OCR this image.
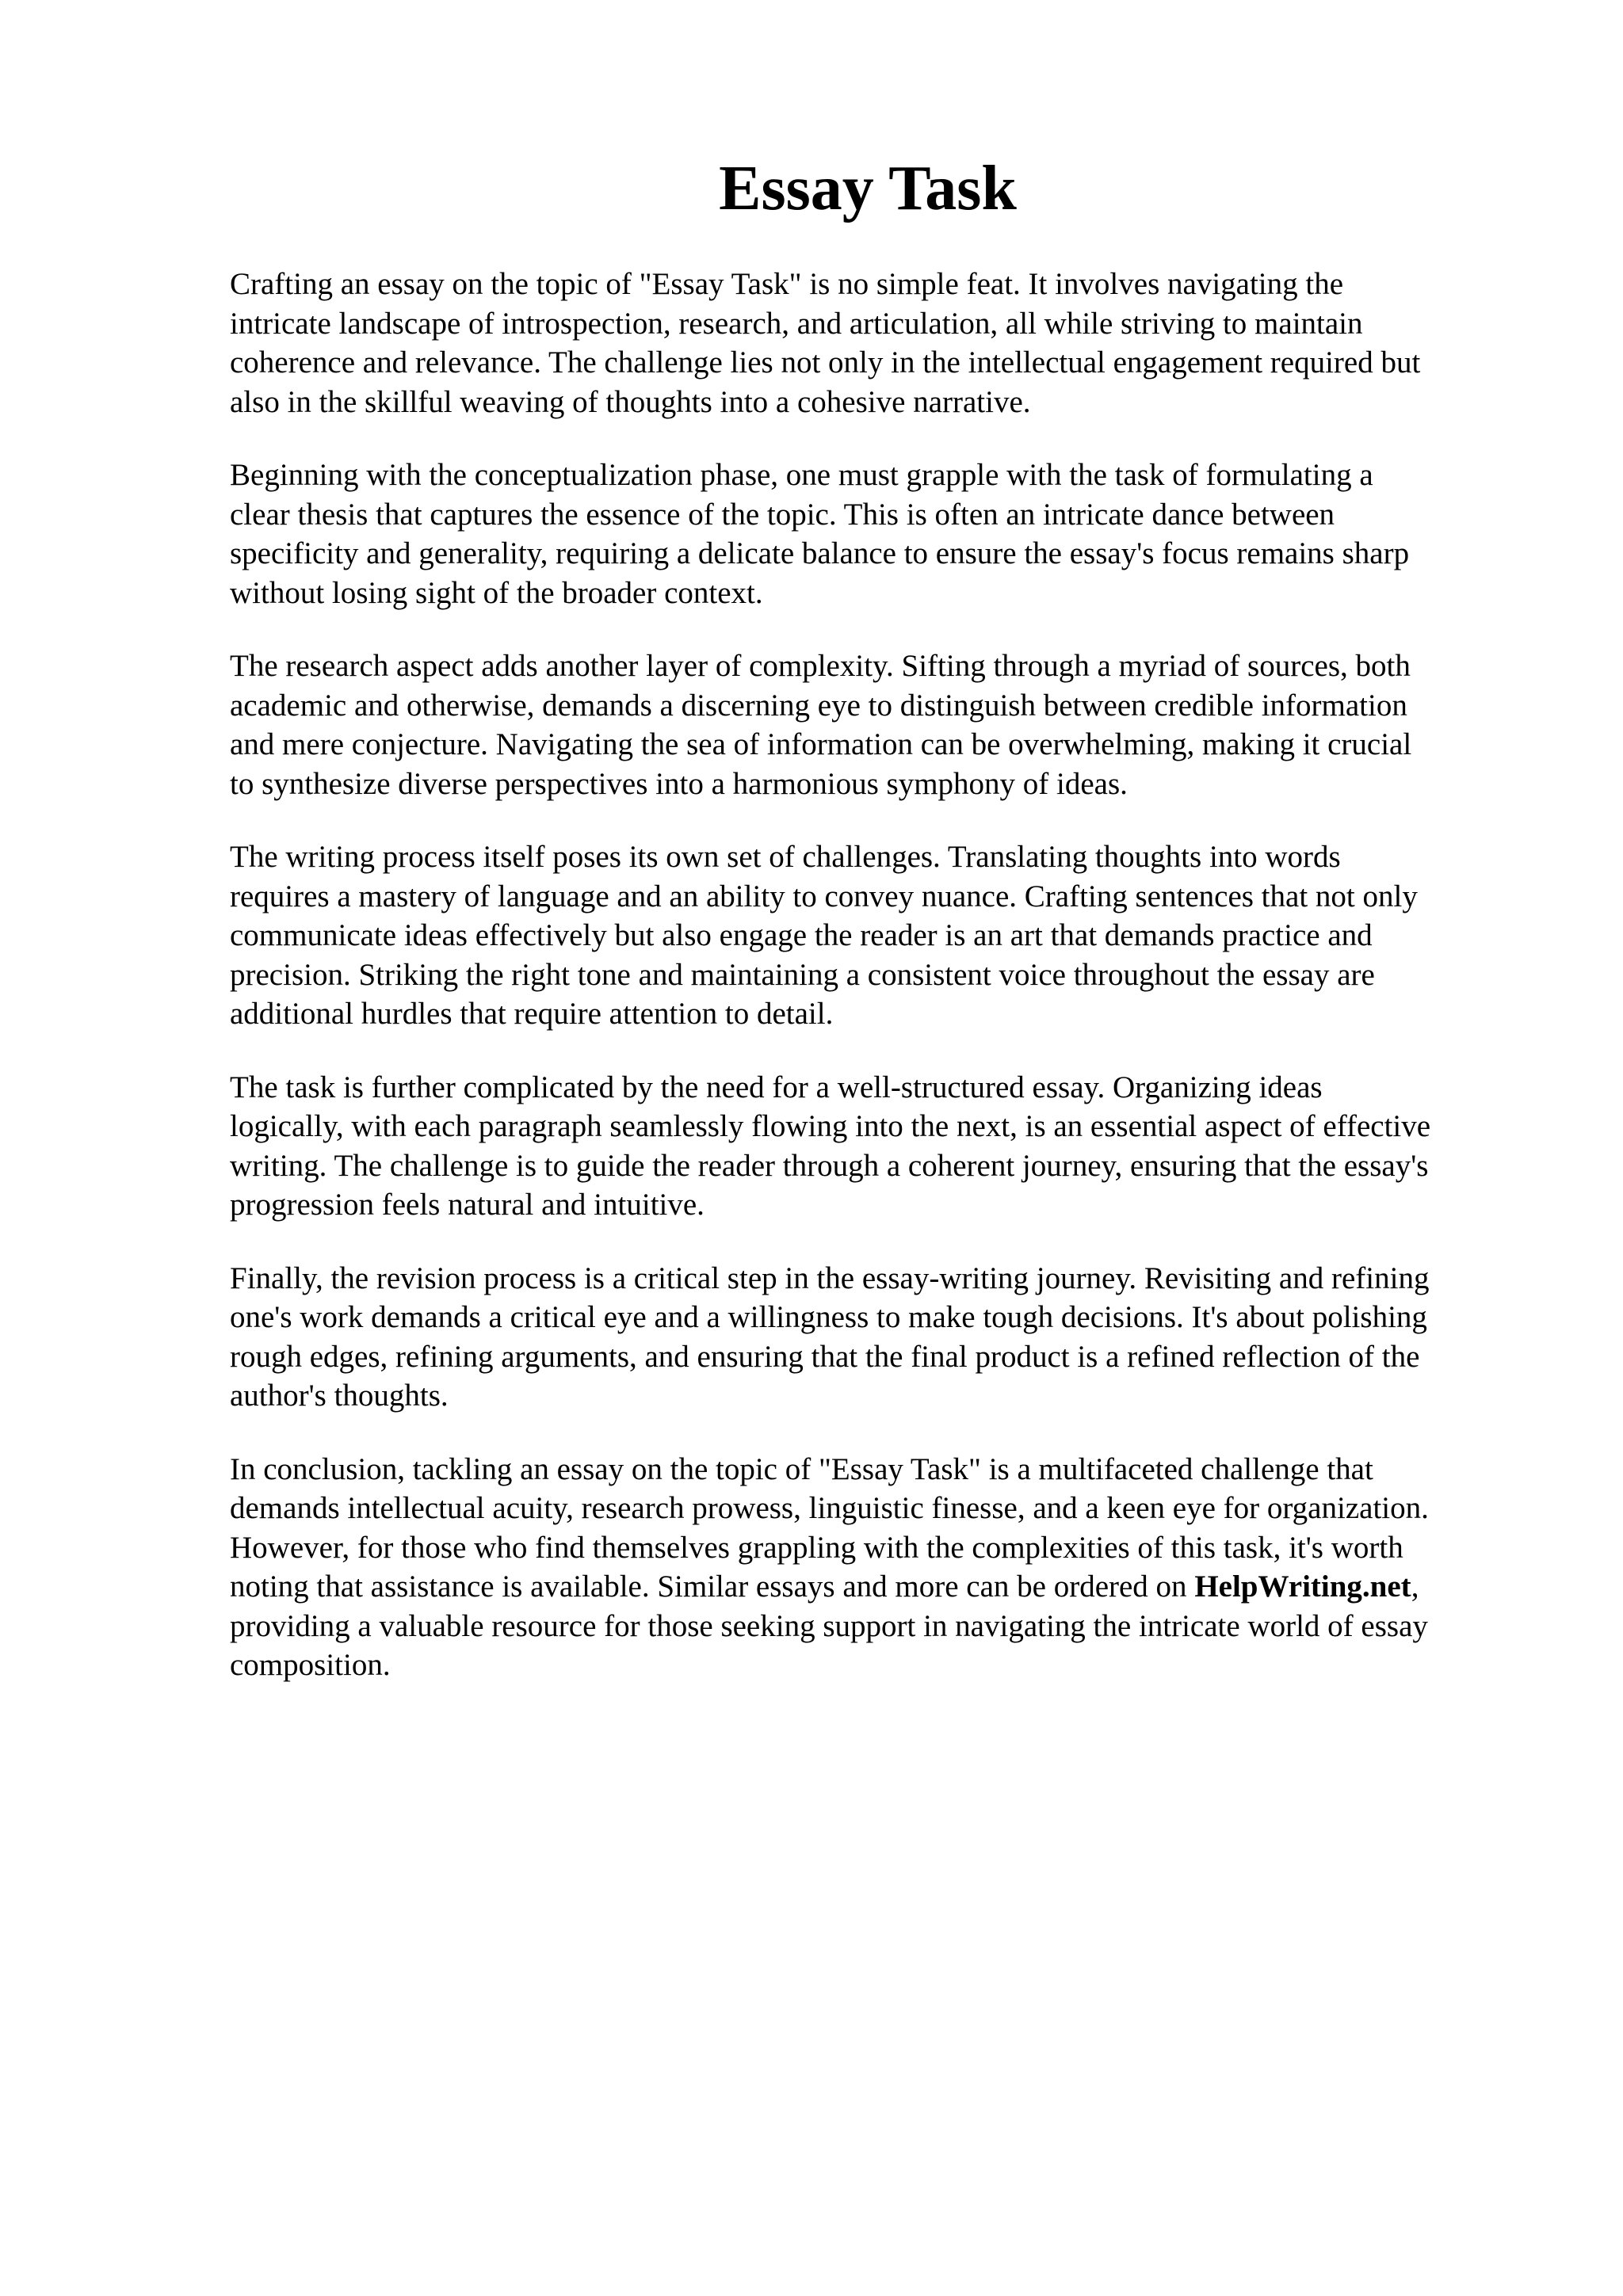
Essay Task

Crafting an essay on the topic of "Essay Task" is no simple feat. It involves navigating the
intricate landscape of introspection, research, and articulation, all while striving to maintain
coherence and relevance. The challenge lies not only in the intellectual engagement required but
also in the skillful weaving of thoughts into a cohesive narrative.

Beginning with the conceptualization phase, one must grapple with the task of formulating a
clear thesis that captures the essence of the topic. This is often an intricate dance between
specificity and generality, requiring a delicate balance to ensure the essay's focus remains sharp
without losing sight of the broader context.

The research aspect adds another layer of complexity. Sifting through a myriad of sources, both
academic and otherwise, demands a discerning eye to distinguish between credible information
and mere conjecture. Navigating the sea of information can be overwhelming, making it crucial
to synthesize diverse perspectives into a harmonious symphony of ideas.

The writing process itself poses its own set of challenges. Translating thoughts into words
requires a mastery of language and an ability to convey nuance. Crafting sentences that not only
communicate ideas effectively but also engage the reader is an art that demands practice and
precision. Striking the right tone and maintaining a consistent voice throughout the essay are
additional hurdles that require attention to detail.

The task is further complicated by the need for a well-structured essay. Organizing ideas
logically, with each paragraph seamlessly flowing into the next, is an essential aspect of effective
writing. The challenge is to guide the reader through a coherent journey, ensuring that the essay's
progression feels natural and intuitive.

Finally, the revision process is a critical step in the essay-writing journey. Revisiting and refining
one's work demands a critical eye and a willingness to make tough decisions. It's about polishing
rough edges, refining arguments, and ensuring that the final product is a refined reflection of the
author's thoughts.

In conclusion, tackling an essay on the topic of "Essay Task" is a multifaceted challenge that
demands intellectual acuity, research prowess, linguistic finesse, and a keen eye for organization.
However, for those who find themselves grappling with the complexities of this task, it's worth
noting that assistance is available. Similar essays and more can be ordered on HelpWriting.net,
providing a valuable resource for those seeking support in navigating the intricate world of essay
composition.
